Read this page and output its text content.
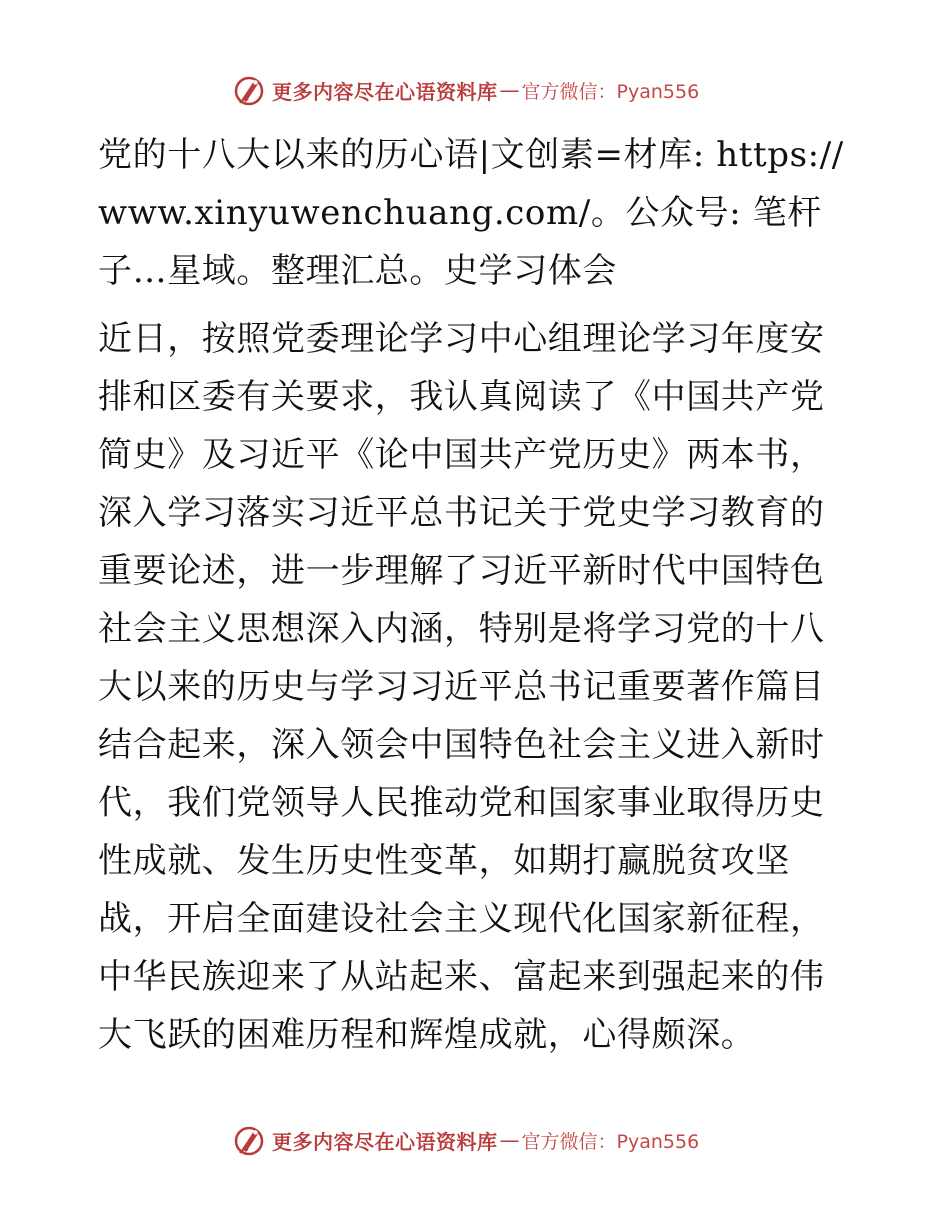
更多内容尽在心语资料库 — 官方微信：Pyan556

党的十八大以来的历心语|文创素=材库: https://www.xinyuwenchuang.com/。公众号: 笔杆子…星域。整理汇总。史学习体会

近日，按照党委理论学习中心组理论学习年度安排和区委有关要求，我认真阅读了《中国共产党简史》及习近平《论中国共产党历史》两本书，深入学习落实习近平总书记关于党史学习教育的重要论述，进一步理解了习近平新时代中国特色社会主义思想深入内涵，特别是将学习党的十八大以来的历史与学习习近平总书记重要著作篇目结合起来，深入领会中国特色社会主义进入新时代，我们党领导人民推动党和国家事业取得历史性成就、发生历史性变革，如期打赢脱贫攻坚战，开启全面建设社会主义现代化国家新征程，中华民族迎来了从站起来、富起来到强起来的伟大飞跃的困难历程和辉煌成就，心得颇深。

更多内容尽在心语资料库 — 官方微信：Pyan556
